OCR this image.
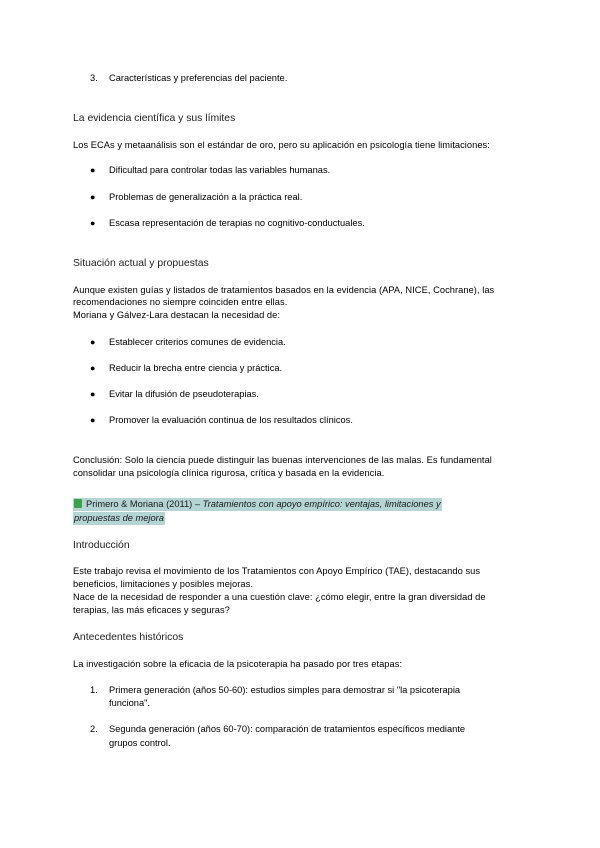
3. Características y preferencias del paciente.
La evidencia científica y sus límites
Los ECAs y metaanálisis son el estándar de oro, pero su aplicación en psicología tiene limitaciones:
● Dificultad para controlar todas las variables humanas.
● Problemas de generalización a la práctica real.
● Escasa representación de terapias no cognitivo-conductuales.
Situación actual y propuestas
Aunque existen guías y listados de tratamientos basados en la evidencia (APA, NICE, Cochrane), las
recomendaciones no siempre coinciden entre ellas.
Moriana y Gálvez-Lara destacan la necesidad de:
● Establecer criterios comunes de evidencia.
● Reducir la brecha entre ciencia y práctica.
● Evitar la difusión de pseudoterapias.
● Promover la evaluación continua de los resultados clínicos.
Conclusión: Solo la ciencia puede distinguir las buenas intervenciones de las malas. Es fundamental
consolidar una psicología clínica rigurosa, crítica y basada en la evidencia.
Primero & Moriana (2011) – Tratamientos con apoyo empírico: ventajas, limitaciones y
propuestas de mejora
Introducción
Este trabajo revisa el movimiento de los Tratamientos con Apoyo Empírico (TAE), destacando sus
beneficios, limitaciones y posibles mejoras.
Nace de la necesidad de responder a una cuestión clave: ¿cómo elegir, entre la gran diversidad de
terapias, las más eficaces y seguras?
Antecedentes históricos
La investigación sobre la eficacia de la psicoterapia ha pasado por tres etapas:
1. Primera generación (años 50-60): estudios simples para demostrar si "la psicoterapia
funciona".
2. Segunda generación (años 60-70): comparación de tratamientos específicos mediante
grupos control.
